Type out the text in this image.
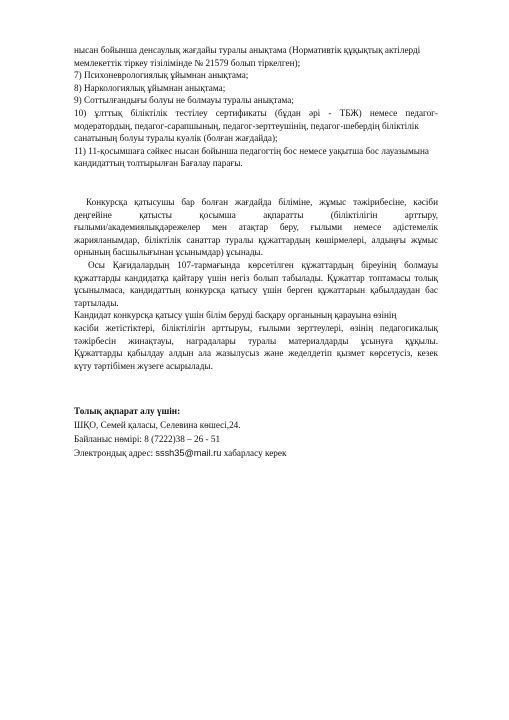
нысан бойынша денсаулық жағдайы туралы анықтама (Нормативтік құқықтық актілерді
мемлекеттік тіркеу тізілімінде № 21579 болып тіркелген);
7) Психоневрологиялық ұйымнан анықтама;
8) Наркологиялық ұйымнан анықтама;
9) Соттылғандығы болуы не болмауы туралы анықтама;
10) ұлттық біліктілік тестілеу сертификаты (бұдан әрі - ТБЖ) немесе педагог-
модератордың, педагог-сарапшының, педагог-зерттеушінің, педагог-шебердің біліктілік
санатының болуы туралы куәлік (болған жағдайда);
11) 11-қосымшаға сәйкес нысан бойынша педагогтің бос немесе уақытша бос лауазымына
кандидаттың толтырылған Бағалау парағы.
Конкурсқа қатысушы бар болған жағдайда біліміне, жұмыс тәжірибесіне, кәсіби
деңгейіне қатысты қосымша ақпаратты (біліктілігін арттыру,
ғылыми/академиялықдәрежелер мен атақтар беру, ғылыми немесе әдістемелік
жарияланымдар, біліктілік санаттар туралы құжаттардың көшірмелері, алдыңғы жұмыс
орнының басшылығынан ұсынымдар) ұсынады.
Осы Қағидалардың 107-тармағында көрсетілген құжаттардың біреуінің болмауы
құжаттарды кандидатқа қайтару үшін негіз болып табылады. Құжаттар топтамасы толық
ұсынылмаса, кандидаттың конкурсқа қатысу үшін берген құжаттарын қабылдаудан бас
тартылады.
Кандидат конкурсқа қатысу үшін білім беруді басқару органының қарауына өзінің
кәсіби жетістіктері, біліктілігін арттыруы, ғылыми зерттеулері, өзінің педагогикалық
тәжірбесін жинақтауы, наградалары туралы материалдарды ұсынуға құқылы.
Құжаттарды қабылдау алдын ала жазылусыз және жеделдетіп қызмет көрсетусіз, кезек
күту тәртібімен жүзеге асырылады.
Толық ақпарат алу үшін:
ШҚО, Семей қаласы, Селевина көшесі,24.
Байланыс нөмірі: 8 (7222)38 – 26 - 51
Электрондық адрес: sssh35@mail.ru хабарласу керек
